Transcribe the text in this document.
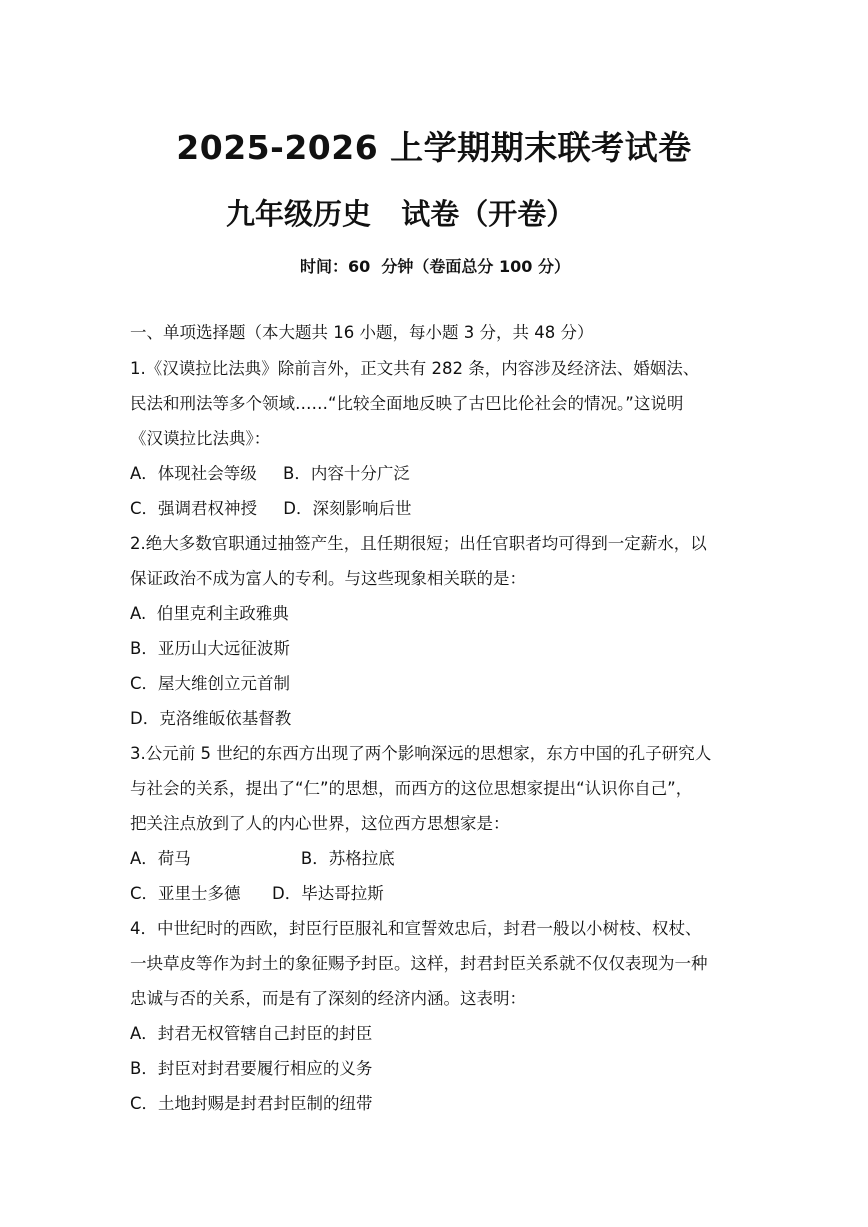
2025-2026 上学期期末联考试卷
九年级历史   试卷（开卷）
时间：60  分钟（卷面总分 100 分）
一、单项选择题（本大题共 16 小题，每小题 3 分，共 48 分）
1.《汉谟拉比法典》除前言外，正文共有 282 条，内容涉及经济法、婚姻法、
民法和刑法等多个领域……“比较全面地反映了古巴比伦社会的情况。”这说明
《汉谟拉比法典》：
A．体现社会等级     B．内容十分广泛
C．强调君权神授     D．深刻影响后世
2.绝大多数官职通过抽签产生，且任期很短；出任官职者均可得到一定薪水，以
保证政治不成为富人的专利。与这些现象相关联的是：
A.  伯里克利主政雅典
B．亚历山大远征波斯
C．屋大维创立元首制
D．克洛维皈依基督教
3.公元前 5 世纪的东西方出现了两个影响深远的思想家，东方中国的孔子研究人
与社会的关系，提出了“仁”的思想，而西方的这位思想家提出“认识你自己”，
把关注点放到了人的内心世界，这位西方思想家是：
A．荷马                     B．苏格拉底
C．亚里士多德      D．毕达哥拉斯
4．中世纪时的西欧，封臣行臣服礼和宣誓效忠后，封君一般以小树枝、权杖、
一块草皮等作为封土的象征赐予封臣。这样，封君封臣关系就不仅仅表现为一种
忠诚与否的关系，而是有了深刻的经济内涵。这表明：
A．封君无权管辖自己封臣的封臣
B．封臣对封君要履行相应的义务
C．土地封赐是封君封臣制的纽带
